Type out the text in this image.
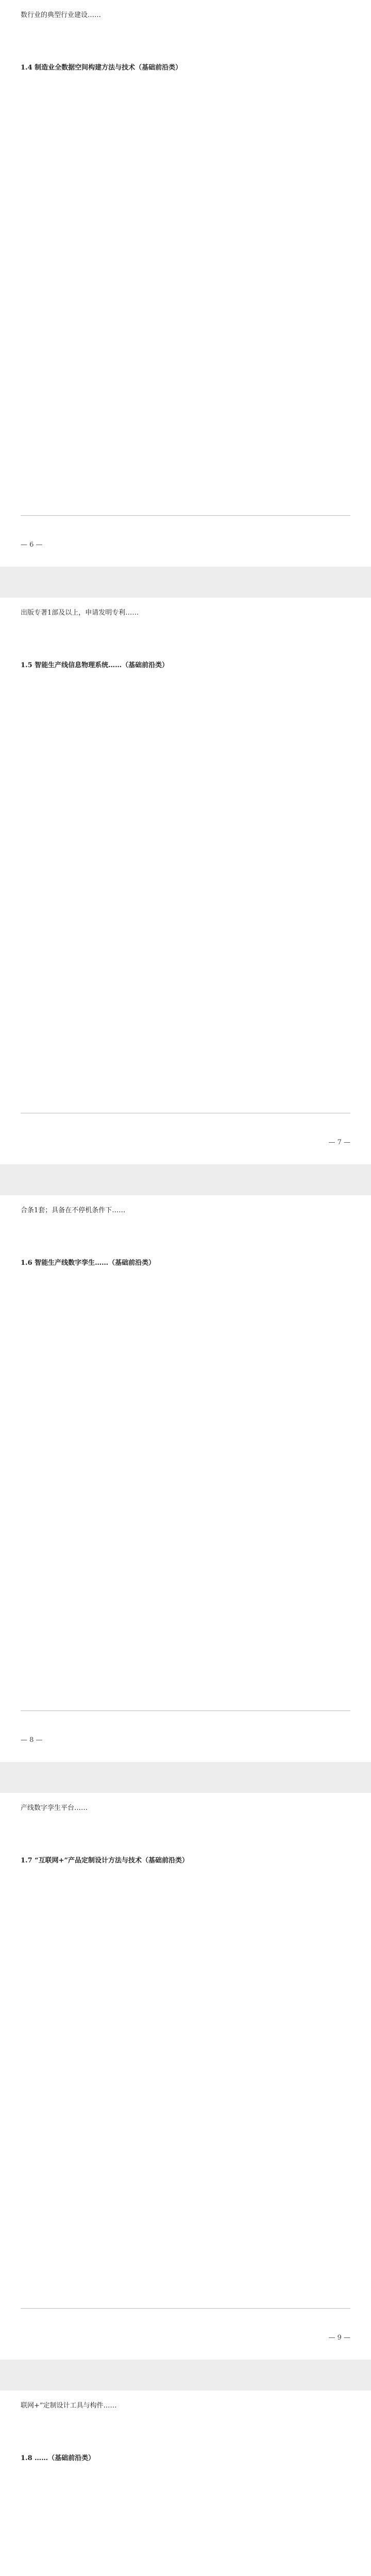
数行业的典型行业建设……
1.4 制造业全数据空间构建方法与技术（基础前沿类）
— 6 —
出版专著1部及以上，申请发明专利……
1.5 智能生产线信息物理系统……（基础前沿类）
— 7 —
合条1套；具备在不停机条件下……
1.6 智能生产线数字孪生……（基础前沿类）
— 8 —
产线数字孪生平台……
1.7 “互联网+”产品定制设计方法与技术（基础前沿类）
— 9 —
联网+”定制设计工具与构件……
1.8 ……（基础前沿类）
